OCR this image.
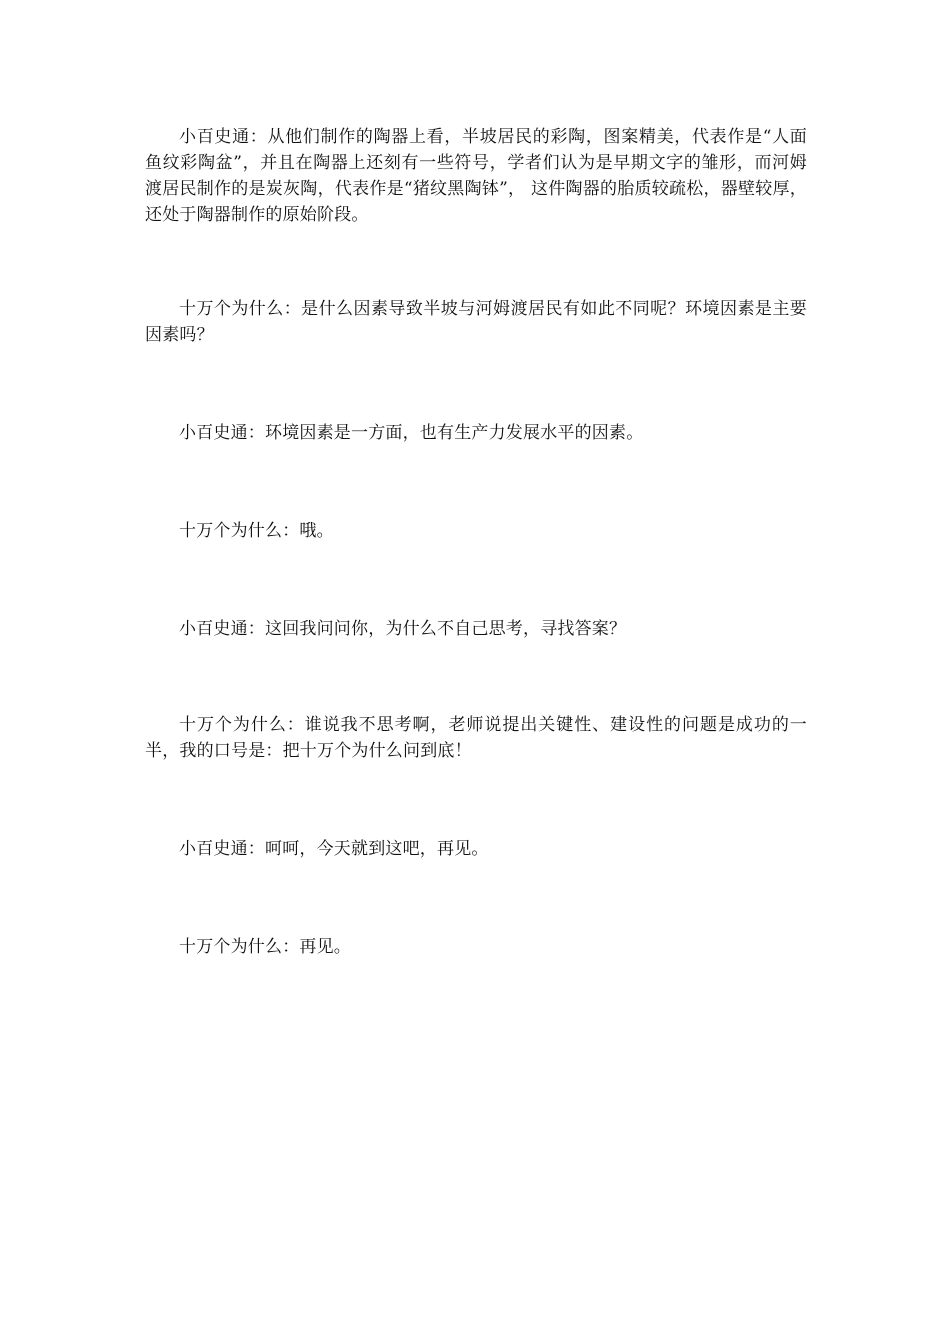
小百史通：从他们制作的陶器上看，半坡居民的彩陶，图案精美，代表作是“人面鱼纹彩陶盆”，并且在陶器上还刻有一些符号，学者们认为是早期文字的雏形，而河姆渡居民制作的是炭灰陶，代表作是“猪纹黑陶钵”， 这件陶器的胎质较疏松，器壁较厚，还处于陶器制作的原始阶段。

十万个为什么：是什么因素导致半坡与河姆渡居民有如此不同呢？环境因素是主要因素吗？

小百史通：环境因素是一方面，也有生产力发展水平的因素。

十万个为什么：哦。

小百史通：这回我问问你，为什么不自己思考，寻找答案？

十万个为什么：谁说我不思考啊，老师说提出关键性、建设性的问题是成功的一半，我的口号是：把十万个为什么问到底！

小百史通：呵呵，今天就到这吧，再见。

十万个为什么：再见。
